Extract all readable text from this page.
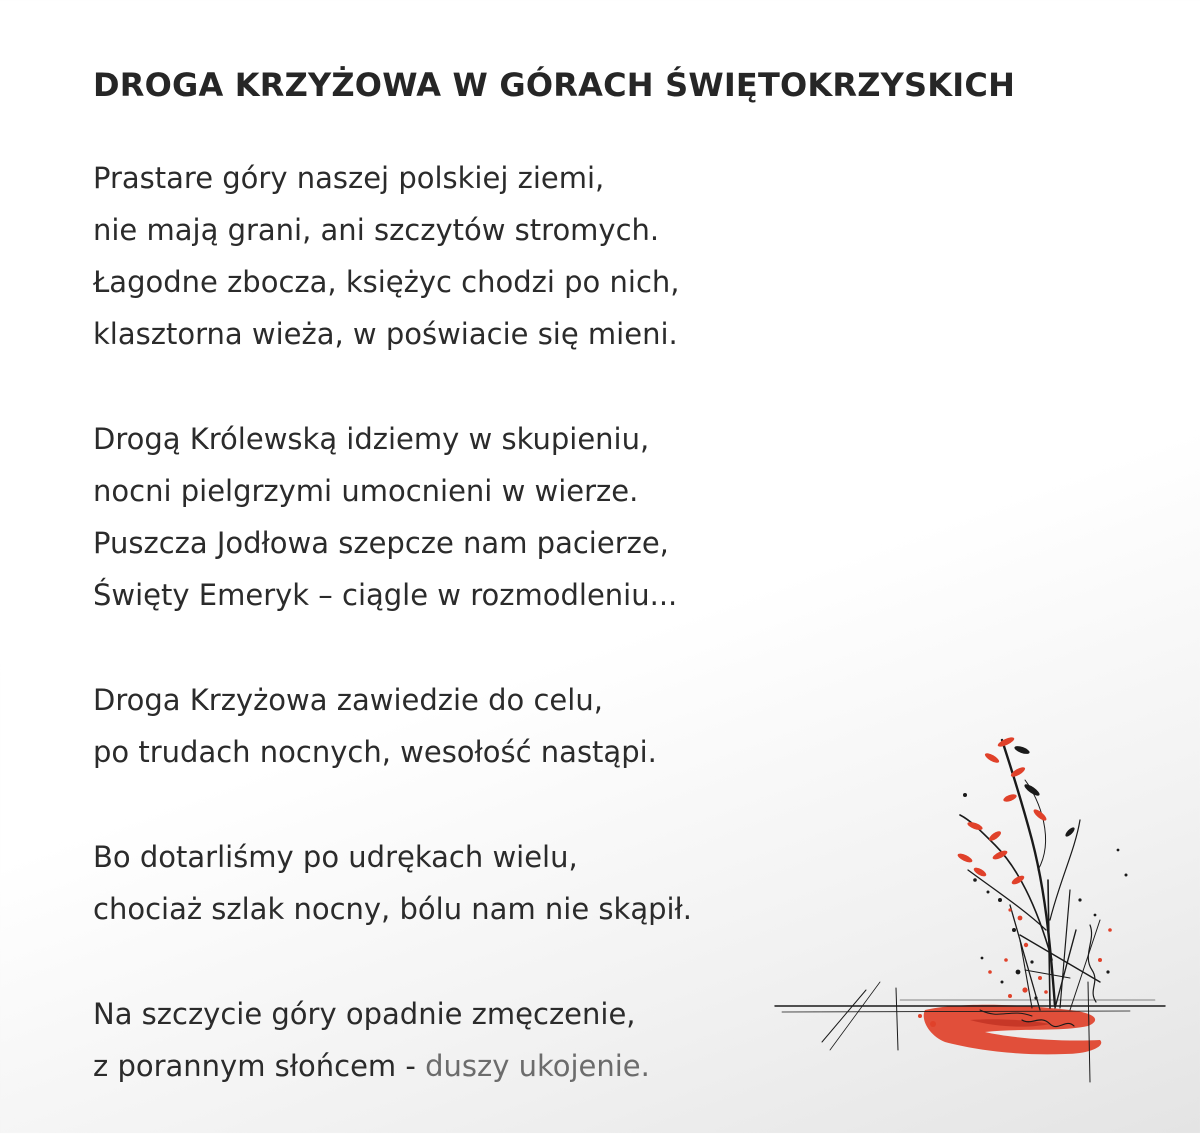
DROGA KRZYŻOWA W GÓRACH ŚWIĘTOKRZYSKICH
Prastare góry naszej polskiej ziemi,
nie mają grani, ani szczytów stromych.
Łagodne zbocza, księżyc chodzi po nich,
klasztorna wieża, w poświacie się mieni.
Drogą Królewską idziemy w skupieniu,
nocni pielgrzymi umocnieni w wierze.
Puszcza Jodłowa szepcze nam pacierze,
Święty Emeryk – ciągle w rozmodleniu...
Droga Krzyżowa zawiedzie do celu,
po trudach nocnych, wesołość nastąpi.
Bo dotarliśmy po udrękach wielu,
chociaż szlak nocny, bólu nam nie skąpił.
Na szczycie góry opadnie zmęczenie,
z porannym słońcem - duszy ukojenie.
